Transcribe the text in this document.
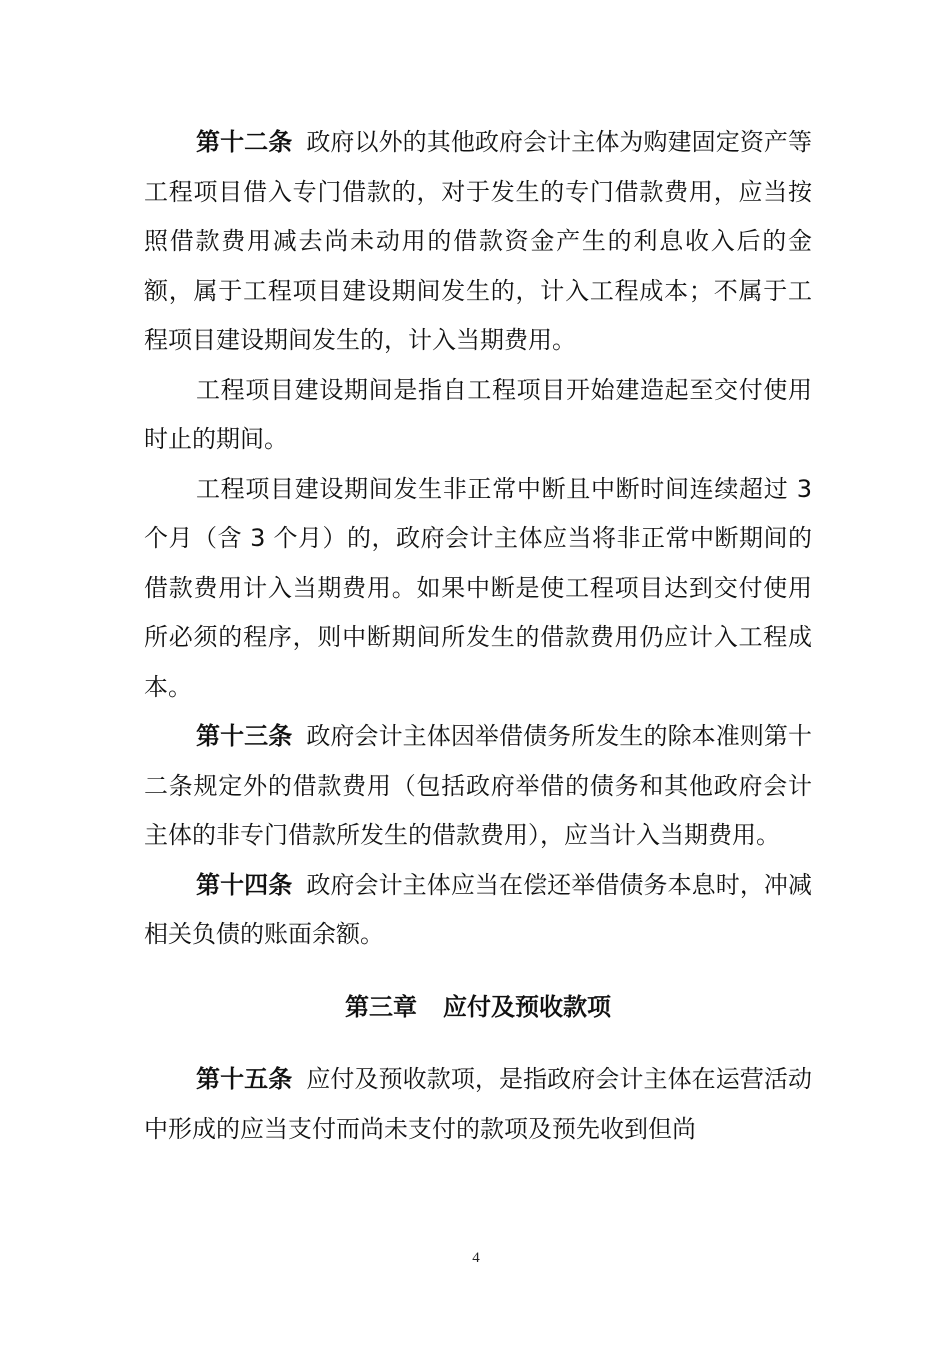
第十二条 政府以外的其他政府会计主体为购建固定资产等工程项目借入专门借款的，对于发生的专门借款费用，应当按照借款费用减去尚未动用的借款资金产生的利息收入后的金额，属于工程项目建设期间发生的，计入工程成本；不属于工程项目建设期间发生的，计入当期费用。

工程项目建设期间是指自工程项目开始建造起至交付使用时止的期间。

工程项目建设期间发生非正常中断且中断时间连续超过 3 个月（含 3 个月）的，政府会计主体应当将非正常中断期间的借款费用计入当期费用。如果中断是使工程项目达到交付使用所必须的程序，则中断期间所发生的借款费用仍应计入工程成本。

第十三条 政府会计主体因举借债务所发生的除本准则第十二条规定外的借款费用（包括政府举借的债务和其他政府会计主体的非专门借款所发生的借款费用），应当计入当期费用。

第十四条 政府会计主体应当在偿还举借债务本息时，冲减相关负债的账面余额。

第三章 应付及预收款项

第十五条 应付及预收款项，是指政府会计主体在运营活动中形成的应当支付而尚未支付的款项及预先收到但尚

4
